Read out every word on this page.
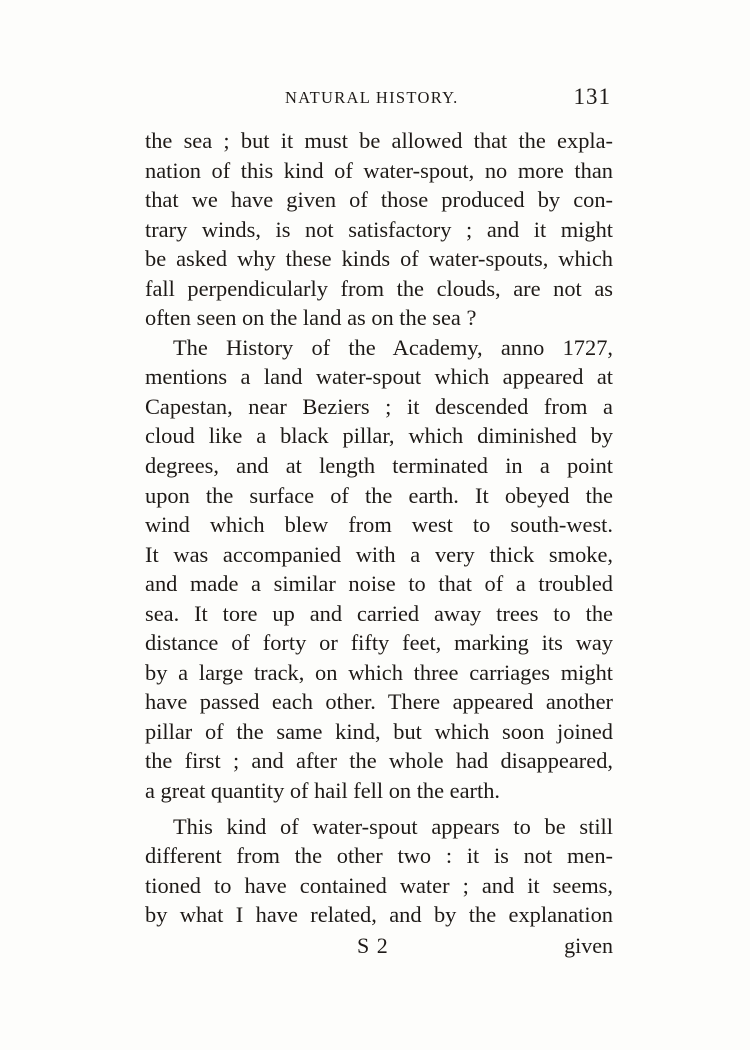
NATURAL HISTORY.	131
the sea ; but it must be allowed that the expla-
nation of this kind of water-spout, no more than
that we have given of those produced by con-
trary winds, is not satisfactory ; and it might
be asked why these kinds of water-spouts, which
fall perpendicularly from the clouds, are not as
often seen on the land as on the sea ?
The History of the Academy, anno 1727,
mentions a land water-spout which appeared at
Capestan, near Beziers ; it descended from a
cloud like a black pillar, which diminished by
degrees, and at length terminated in a point
upon the surface of the earth. It obeyed the
wind which blew from west to south-west.
It was accompanied with a very thick smoke,
and made a similar noise to that of a troubled
sea. It tore up and carried away trees to the
distance of forty or fifty feet, marking its way
by a large track, on which three carriages might
have passed each other. There appeared another
pillar of the same kind, but which soon joined
the first ; and after the whole had disappeared,
a great quantity of hail fell on the earth.
This kind of water-spout appears to be still
different from the other two : it is not men-
tioned to have contained water ; and it seems,
by what I have related, and by the explanation
S 2	given
